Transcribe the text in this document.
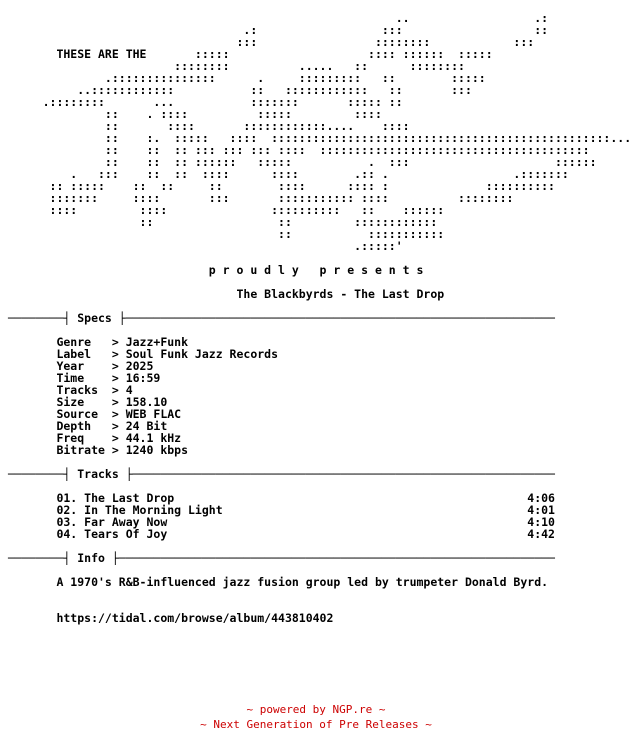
..                  .:
.:                  :::                   ::
:::                 ::::::::            :::
THESE ARE THE       :::::                    :::: ::::::  :::::
::::::::          .....   ::      ::::::::
.:::::::::::::::      .     :::::::::   ::        :::::
..::::::::::::           ::   ::::::::::::   ::       :::
.::::::::       ...           :::::::       ::::: ::
::    . ::::          :::::         ::::
::       ::::       ::::::::::::....    ::::
::    :.  :::::   ::::  :::::::::::::::::::::::::::::::::::::::::::::::::...
::    ::  :: ::: ::: ::: ::::  :::::::::::::::::::::::::::::::::::::::
::    ::  :: ::::::   :::::           .  :::                     ::::::
.   :::    ::  ::  ::::      ::::        .:: .                  .:::::::
:: :::::    ::  ::     ::        ::::      :::: :              ::::::::::
:::::::     ::::       :::       ::::::::::: ::::          ::::::::
::::         ::::               ::::::::::   ::    ::::::
::                  ::         ::::::::::::
::           :::::::::::
.:::::'

p r o u d l y   p r e s e n t s

The Blackbyrds - The Last Drop

────────┤ Specs ├──────────────────────────────────────────────────────────────

Genre   > Jazz+Funk
Label   > Soul Funk Jazz Records
Year    > 2025
Time    > 16:59
Tracks  > 4
Size    > 158.10
Source  > WEB FLAC
Depth   > 24 Bit
Freq    > 44.1 kHz
Bitrate > 1240 kbps

────────┤ Tracks ├─────────────────────────────────────────────────────────────

01. The Last Drop                                                   4:06
02. In The Morning Light                                            4:01
03. Far Away Now                                                    4:10
04. Tears Of Joy                                                    4:42

────────┤ Info ├───────────────────────────────────────────────────────────────

A 1970's R&B-influenced jazz fusion group led by trumpeter Donald Byrd.

https://tidal.com/browse/album/443810402

~ powered by NGP.re ~
~ Next Generation of Pre Releases ~
